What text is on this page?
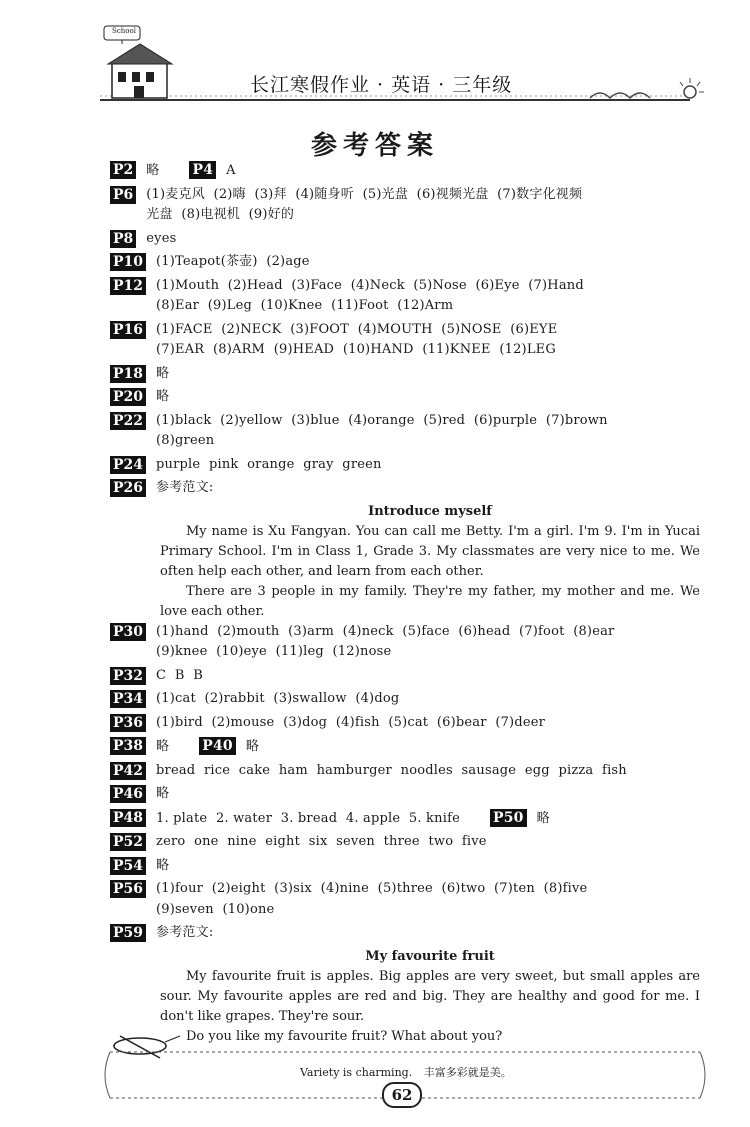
School
长江寒假作业 · 英语 · 三年级
参考答案
P2 略 P4 A
P6 (1)麦克风  (2)嗨  (3)拜  (4)随身听  (5)光盘  (6)视频光盘  (7)数字化视频
光盘  (8)电视机  (9)好的
P8 eyes
P10 (1)Teapot(茶壶)  (2)age
P12 (1)Mouth  (2)Head  (3)Face  (4)Neck  (5)Nose  (6)Eye  (7)Hand
(8)Ear  (9)Leg  (10)Knee  (11)Foot  (12)Arm
P16 (1)FACE  (2)NECK  (3)FOOT  (4)MOUTH  (5)NOSE  (6)EYE
(7)EAR  (8)ARM  (9)HEAD  (10)HAND  (11)KNEE  (12)LEG
P18 略
P20 略
P22 (1)black  (2)yellow  (3)blue  (4)orange  (5)red  (6)purple  (7)brown
(8)green
P24 purple  pink  orange  gray  green
P26 参考范文:
Introduce myself
My name is Xu Fangyan. You can call me Betty. I'm a girl. I'm 9. I'm in Yucai Primary School. I'm in Class 1, Grade 3. My classmates are very nice to me. We often help each other, and learn from each other.
There are 3 people in my family. They're my father, my mother and me. We love each other.
P30 (1)hand  (2)mouth  (3)arm  (4)neck  (5)face  (6)head  (7)foot  (8)ear
(9)knee  (10)eye  (11)leg  (12)nose
P32 C  B  B
P34 (1)cat  (2)rabbit  (3)swallow  (4)dog
P36 (1)bird  (2)mouse  (3)dog  (4)fish  (5)cat  (6)bear  (7)deer
P38 略 P40 略
P42 bread  rice  cake  ham  hamburger  noodles  sausage  egg  pizza  fish
P46 略
P48 1. plate  2. water  3. bread  4. apple  5. knife P50 略
P52 zero  one  nine  eight  six  seven  three  two  five
P54 略
P56 (1)four  (2)eight  (3)six  (4)nine  (5)three  (6)two  (7)ten  (8)five
(9)seven  (10)one
P59 参考范文:
My favourite fruit
My favourite fruit is apples. Big apples are very sweet, but small apples are sour. My favourite apples are red and big. They are healthy and good for me. I don't like grapes. They're sour.
Do you like my favourite fruit? What about you?
Variety is charming. 丰富多彩就是美。
62
